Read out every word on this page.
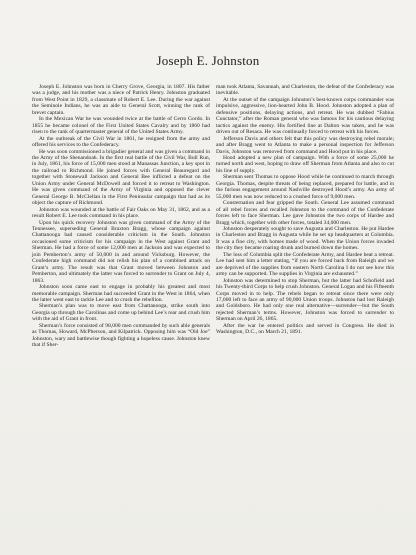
Joseph E. Johnston

Joseph E. Johnston was born in Cherry Grove, Georgia, in 1807. His father was a judge, and his mother was a niece of Patrick Henry. Johnston graduated from West Point in 1829, a classmate of Robert E. Lee. During the war against the Seminole Indians, he was an aide to General Scott, winning the rank of brevet captain.

In the Mexican War he was wounded twice at the battle of Cerro Gordo. In 1855 he became colonel of the First United States Cavalry and by 1860 had risen to the rank of quartermaster general of the United States Army.

At the outbreak of the Civil War in 1861, he resigned from the army and offered his services to the Confederacy.

He was soon commissioned a brigadier general and was given a command in the Army of the Shenandoah. In the first real battle of the Civil War, Bull Run, in July, 1861, his force of 15,000 men stood at Manassas Junction, a key spot in the railroad to Richmond. He joined forces with General Beauregard and together with Stonewall Jackson and General Bee inflicted a defeat on the Union Army under General McDowell and forced it to retreat to Washington. He was given command of the Army of Virginia and opposed the clever General George B. McClellan in the First Peninsular campaign that had as its object the capture of Richmond.

Johnston was wounded at the battle of Fair Oaks on May 31, 1862, and as a result Robert E. Lee took command in his place.

Upon his quick recovery Johnston was given command of the Army of the Tennessee, superseding General Braxton Bragg, whose campaign against Chattanooga had caused considerable criticism in the South. Johnston occasioned some criticism for his campaign in the West against Grant and Sherman. He had a force of some 12,000 men at Jackson and was expected to join Pemberton’s army of 50,000 in and around Vicksburg. However, the Confederate high command did not relish his plan of a combined attack on Grant’s army. The result was that Grant moved between Johnston and Pemberton, and ultimately the latter was forced to surrender to Grant on July 4, 1863.

Johnston soon came east to engage in probably his greatest and most memorable campaign. Sherman had succeeded Grant in the West in 1864, when the latter went east to tackle Lee and to crush the rebellion.

Sherman’s plan was to move east from Chattanooga, strike south into Georgia up through the Carolinas and come up behind Lee’s rear and crush him with the aid of Grant in front.

Sherman’s force consisted of 98,000 men commanded by such able generals as Thomas, Howard, McPherson, and Kilpatrick. Opposing him was “Old Joe” Johnston, wary and battlewise though fighting a hopeless cause. Johnston knew that if Sher-

man took Atlanta, Savannah, and Charleston, the defeat of the Confederacy was inevitable.

At the outset of the campaign Johnston’s best-known corps commander was impulsive, aggressive, lion-hearted John B. Hood. Johnston adopted a plan of defensive positions, delaying actions, and retreat. He was dubbed “Fabius Cunctator,” after the Roman general who was famous for his cautious delaying tactics against the enemy. His fortified line at Dalton was taken, and he was driven out of Resaca. He was continually forced to retreat with his forces.

Jefferson Davis and others felt that this policy was destroying rebel morale; and after Bragg went to Atlanta to make a personal inspection for Jefferson Davis, Johnston was removed from command and Hood put in his place.

Hood adopted a new plan of campaign. With a force of some 25,000 he turned north and west, hoping to draw off Sherman from Atlanta and also to cut his line of supply.

Sherman sent Thomas to oppose Hood while he continued to march through Georgia. Thomas, despite threats of being replaced, prepared for battle, and in the furious engagement around Nashville destroyed Hood’s army. An army of 55,000 men was now reduced to a crushed force of 9,000 men.

Consternation and fear gripped the South. General Lee assumed command of all rebel forces and recalled Johnston to the command of the Confederate forces left to face Sherman. Lee gave Johnston the two corps of Hardee and Bragg which, together with other forces, totaled 34,000 men.

Johnston desperately sought to save Augusta and Charleston. He put Hardee in Charleston and Bragg in Augusta while he set up headquarters at Columbia. It was a fine city, with homes made of wood. When the Union forces invaded the city they became roaring drunk and burned down the homes.

The loss of Columbia split the Confederate Army, and Hardee beat a retreat. Lee had sent him a letter stating, “if you are forced back from Raleigh and we are deprived of the supplies from eastern North Carolina I do not see how this army can be supported. The supplies in Virginia are exhausted.”

Johnston was determined to stop Sherman, but the latter had Schofield and his Twenty-third Corps to help crush Johnston. General Logan and his Fifteenth Corps moved in to help. The rebels began to retreat since there were only 17,000 left to face an army of 90,000 Union troops. Johnston had lost Raleigh and Goldsboro. He had only one real alternative—surrender—but the South rejected Sherman’s terms. However, Johnston was forced to surrender to Sherman on April 26, 1865.

After the war he entered politics and served in Congress. He died in Washington, D.C., on March 21, 1891.
